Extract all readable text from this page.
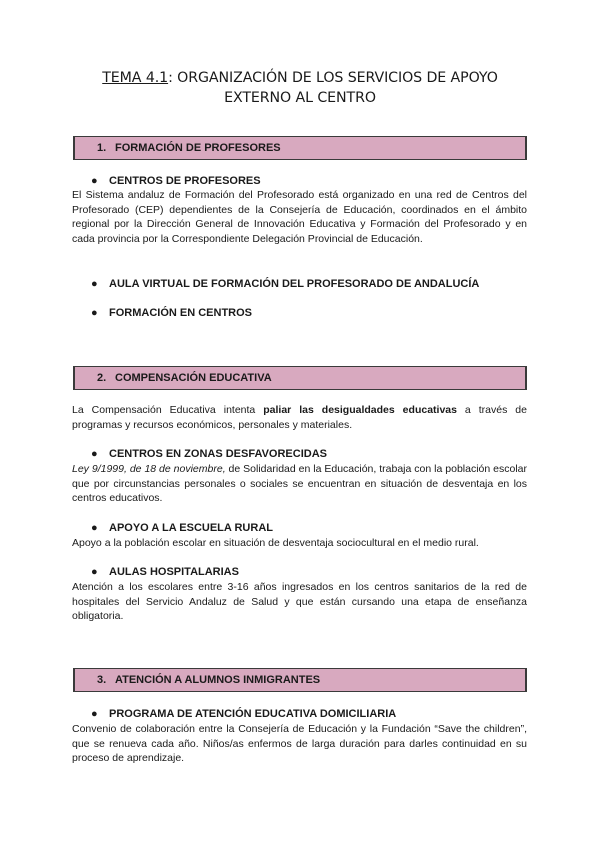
TEMA 4.1: ORGANIZACIÓN DE LOS SERVICIOS DE APOYO
EXTERNO AL CENTRO
1. FORMACIÓN DE PROFESORES
● CENTROS DE PROFESORES
El Sistema andaluz de Formación del Profesorado está organizado en una red de Centros del Profesorado (CEP) dependientes de la Consejería de Educación, coordinados en el ámbito regional por la Dirección General de Innovación Educativa y Formación del Profesorado y en cada provincia por la Correspondiente Delegación Provincial de Educación.
● AULA VIRTUAL DE FORMACIÓN DEL PROFESORADO DE ANDALUCÍA
● FORMACIÓN EN CENTROS
2. COMPENSACIÓN EDUCATIVA
La Compensación Educativa intenta paliar las desigualdades educativas a través de programas y recursos económicos, personales y materiales.
● CENTROS EN ZONAS DESFAVORECIDAS
Ley 9/1999, de 18 de noviembre, de Solidaridad en la Educación, trabaja con la población escolar que por circunstancias personales o sociales se encuentran en situación de desventaja en los centros educativos.
● APOYO A LA ESCUELA RURAL
Apoyo a la población escolar en situación de desventaja sociocultural en el medio rural.
● AULAS HOSPITALARIAS
Atención a los escolares entre 3-16 años ingresados en los centros sanitarios de la red de hospitales del Servicio Andaluz de Salud y que están cursando una etapa de enseñanza obligatoria.
3. ATENCIÓN A ALUMNOS INMIGRANTES
● PROGRAMA DE ATENCIÓN EDUCATIVA DOMICILIARIA
Convenio de colaboración entre la Consejería de Educación y la Fundación “Save the children”, que se renueva cada año. Niños/as enfermos de larga duración para darles continuidad en su proceso de aprendizaje.
